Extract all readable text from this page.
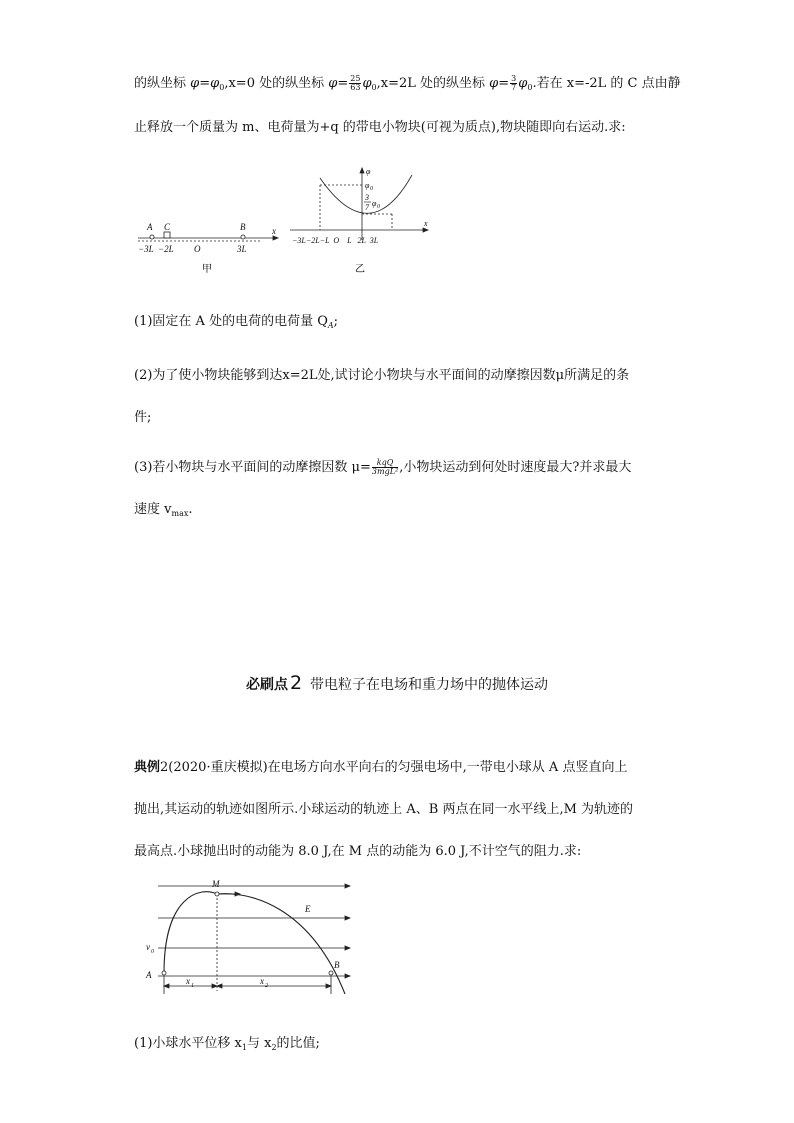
的纵坐标 $\varphi=\varphi_0,x=0$ 处的纵坐标 $\varphi= \frac{25}{63} \varphi_0,x=2L$ 处的纵坐标 $\varphi= \frac{3}{7} \varphi_0$.若在 x=-2L 的 C 点由静
止释放一个质量为 m、电荷量为+q 的带电小物块(可视为质点),物块随即向右运动.求:
A C	B	x
O
−3L −2L	3L
甲
φ
φ 0
3
7 φ 0
x
−3L−2L−L  O    L   2L  3L
乙
(1)固定在 A 处的电荷的电荷量 $Q_A$;
(2)为了使小物块能够到达x=2L处,试讨论小物块与水平面间的动摩擦因数μ所满足的条
件;
(3)若小物块与水平面间的动摩擦因数 $\mu= \frac{\text{kqQ}}{\text{3mgL²}}$ ,小物块运动到何处时速度最大?并求最大
速度 $v_{max}$.
必刷点 2 带电粒子在电场和重力场中的抛体运动
典例2(2020·重庆模拟)在电场方向水平向右的匀强电场中,一带电小球从 A 点竖直向上
抛出,其运动的轨迹如图所示.小球运动的轨迹上 A、B 两点在同一水平线上,M 为轨迹的
最高点.小球抛出时的动能为 8.0 J,在 M 点的动能为 6.0 J,不计空气的阻力.求:
M
E
v 0
A
B
x 1	x 2
(1)小球水平位移 $x_1$与 $x_2$的比值;
